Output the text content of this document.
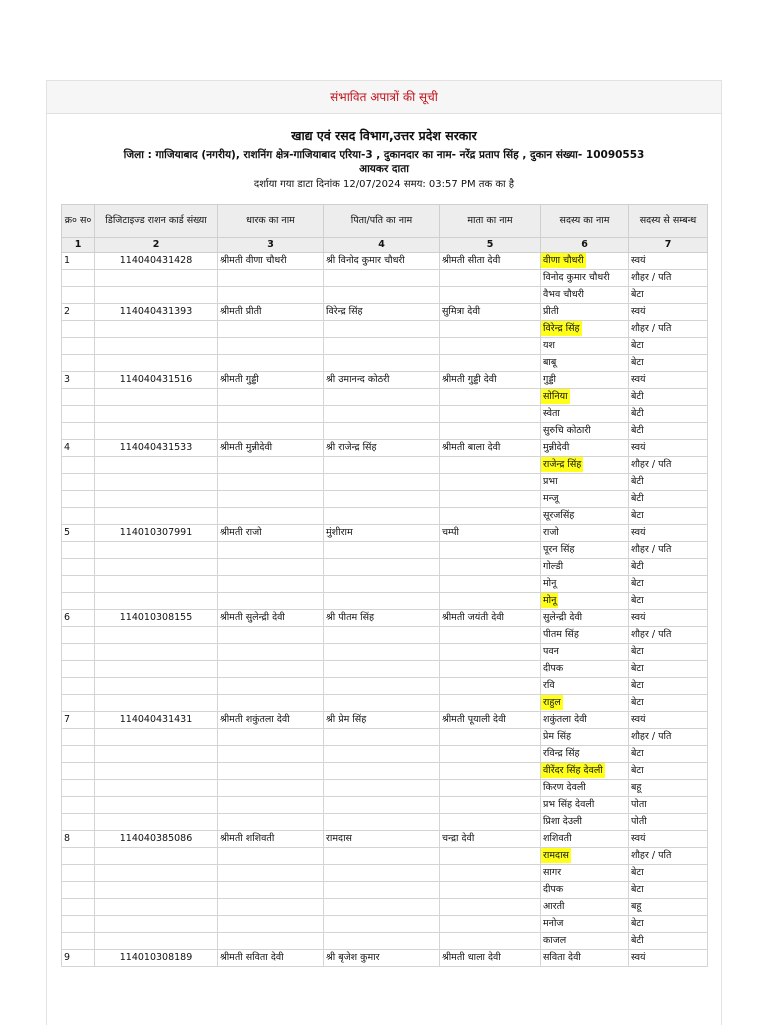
संभावित अपात्रों की सूची
खाद्य एवं रसद विभाग,उत्तर प्रदेश सरकार
जिला : गाजियाबाद (नगरीय), राशनिंग क्षेत्र-गाजियाबाद एरिया-3 , दुकानदार का नाम- नरेंद्र प्रताप सिंह , दुकान संख्या- 10090553
आयकर दाता
दर्शाया गया डाटा दिनांक 12/07/2024 समय: 03:57 PM तक का है
क्र० स०	डिजिटाइज्ड राशन कार्ड संख्या	धारक का नाम	पिता/पति का नाम	माता का नाम	सदस्य का नाम	सदस्य से सम्बन्ध
1	2	3	4	5	6	7
1	114040431428	श्रीमती वीणा चौधरी	श्री विनोद कुमार चौधरी	श्रीमती सीता देवी	वीणा चौधरी	स्वयं
					विनोद कुमार चौधरी	शौहर / पति
					वैभव चौधरी	बेटा
2	114040431393	श्रीमती प्रीती	विरेन्द्र सिंह	सुमित्रा देवी	प्रीती	स्वयं
					विरेन्द्र सिंह	शौहर / पति
					यश	बेटा
					बाबू	बेटा
3	114040431516	श्रीमती गुड्डी	श्री उमानन्द कोठरी	श्रीमती गुड्डी देवी	गुड्डी	स्वयं
					सोनिया	बेटी
					स्वेता	बेटी
					सुरुचि कोठारी	बेटी
4	114040431533	श्रीमती मुन्नीदेवी	श्री राजेन्द्र सिंह	श्रीमती बाला देवी	मुन्नीदेवी	स्वयं
					राजेन्द्र सिंह	शौहर / पति
					प्रभा	बेटी
					मन्जू	बेटी
					सूरजसिंह	बेटा
5	114010307991	श्रीमती राजो	मुंशीराम	चम्पी	राजो	स्वयं
					पूरन सिंह	शौहर / पति
					गोल्डी	बेटी
					मोनू	बेटा
					मोनू	बेटा
6	114010308155	श्रीमती सुलेन्द्री देवी	श्री पीतम सिंह	श्रीमती जयंती देवी	सुलेन्द्री देवी	स्वयं
					पीतम सिंह	शौहर / पति
					पवन	बेटा
					दीपक	बेटा
					रवि	बेटा
					राहुल	बेटा
7	114040431431	श्रीमती शकुंतला देवी	श्री प्रेम सिंह	श्रीमती पूयाली देवी	शकुंतला देवी	स्वयं
					प्रेम सिंह	शौहर / पति
					रविन्द्र सिंह	बेटा
					वीरेंदर सिंह देवली	बेटा
					किरण देवली	बहू
					प्रभ सिंह देवली	पोता
					प्रिशा देउली	पोती
8	114040385086	श्रीमती शशिवती	रामदास	चन्द्रा देवी	शशिवती	स्वयं
					रामदास	शौहर / पति
					सागर	बेटा
					दीपक	बेटा
					आरती	बहू
					मनोज	बेटा
					काजल	बेटी
9	114010308189	श्रीमती सविता देवी	श्री बृजेश कुमार	श्रीमती धाला देवी	सविता देवी	स्वयं
